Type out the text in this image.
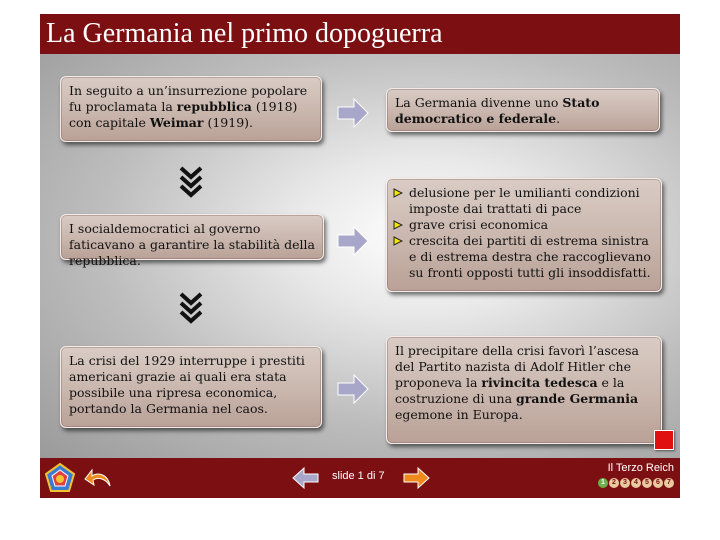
La Germania nel primo dopoguerra
In seguito a un’insurrezione popolare fu proclamata la repubblica (1918) con capitale Weimar (1919).
La Germania divenne uno Stato democratico e federale.
I socialdemocratici al governo faticavano a garantire la stabilità della repubblica.
delusione per le umilianti condizioni imposte dai trattati di pace
grave crisi economica
crescita dei partiti di estrema sinistra e di estrema destra che raccoglievano su fronti opposti tutti gli insoddisfatti.
La crisi del 1929 interruppe i prestiti americani grazie ai quali era stata possibile una ripresa economica, portando la Germania nel caos.
Il precipitare della crisi favorì l’ascesa del Partito nazista di Adolf Hitler che proponeva la rivincita tedesca e la costruzione di una grande Germania egemone in Europa.
slide 1 di 7
Il Terzo Reich
1	2	3	4	5	6	7
